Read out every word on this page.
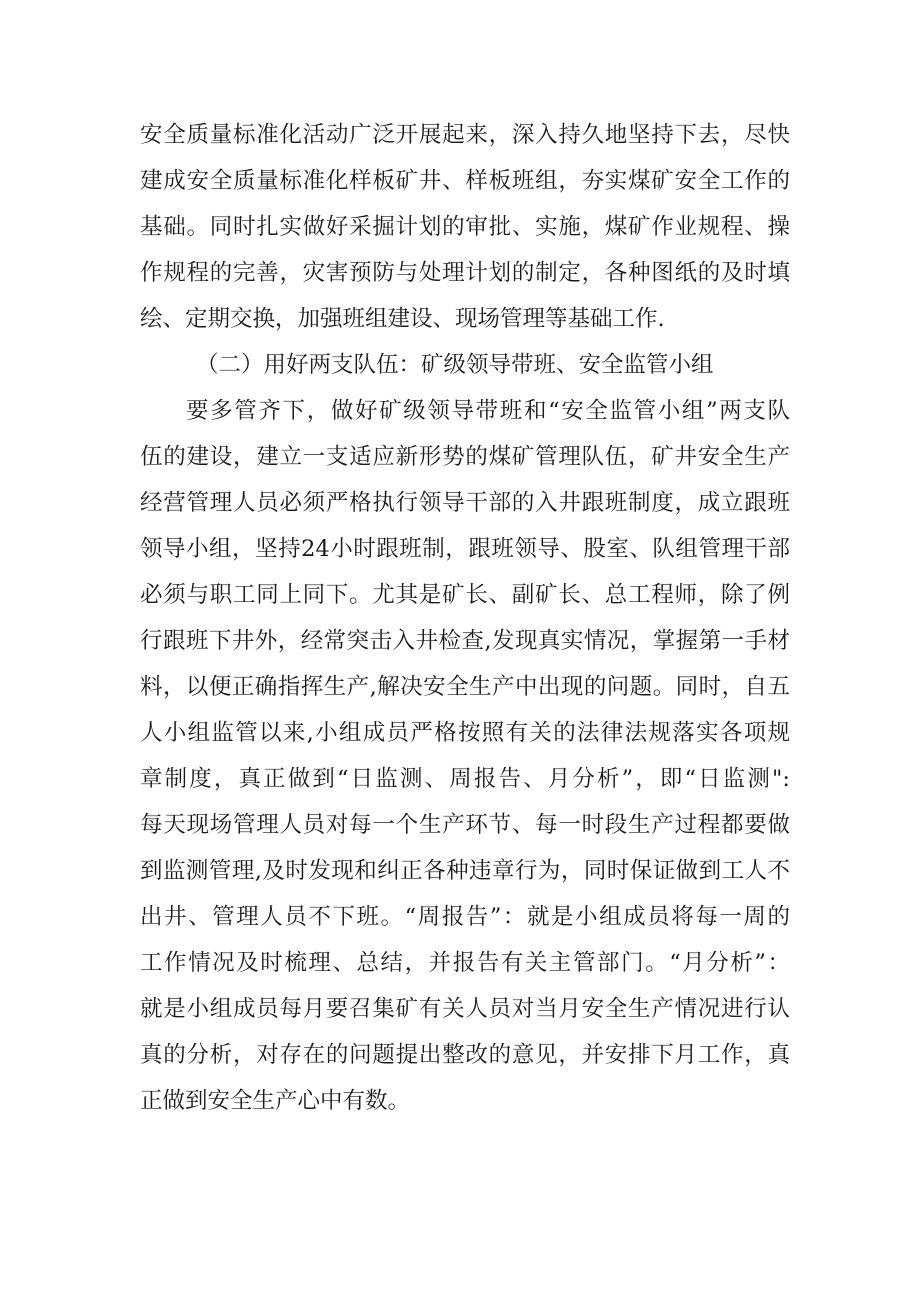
安全质量标准化活动广泛开展起来，深入持久地坚持下去，尽快
建成安全质量标准化样板矿井、样板班组，夯实煤矿安全工作的
基础。同时扎实做好采掘计划的审批、实施，煤矿作业规程、操
作规程的完善，灾害预防与处理计划的制定，各种图纸的及时填
绘、定期交换，加强班组建设、现场管理等基础工作.
（二）用好两支队伍：矿级领导带班、安全监管小组
要多管齐下，做好矿级领导带班和“安全监管小组”两支队
伍的建设，建立一支适应新形势的煤矿管理队伍，矿井安全生产
经营管理人员必须严格执行领导干部的入井跟班制度，成立跟班
领导小组，坚持24小时跟班制，跟班领导、股室、队组管理干部
必须与职工同上同下。尤其是矿长、副矿长、总工程师，除了例
行跟班下井外，经常突击入井检查,发现真实情况，掌握第一手材
料，以便正确指挥生产,解决安全生产中出现的问题。同时，自五
人小组监管以来,小组成员严格按照有关的法律法规落实各项规
章制度，真正做到“日监测、周报告、月分析”，即“日监测":
每天现场管理人员对每一个生产环节、每一时段生产过程都要做
到监测管理,及时发现和纠正各种违章行为，同时保证做到工人不
出井、管理人员不下班。“周报告”：就是小组成员将每一周的
工作情况及时梳理、总结，并报告有关主管部门。“月分析”：
就是小组成员每月要召集矿有关人员对当月安全生产情况进行认
真的分析，对存在的问题提出整改的意见，并安排下月工作，真
正做到安全生产心中有数。
